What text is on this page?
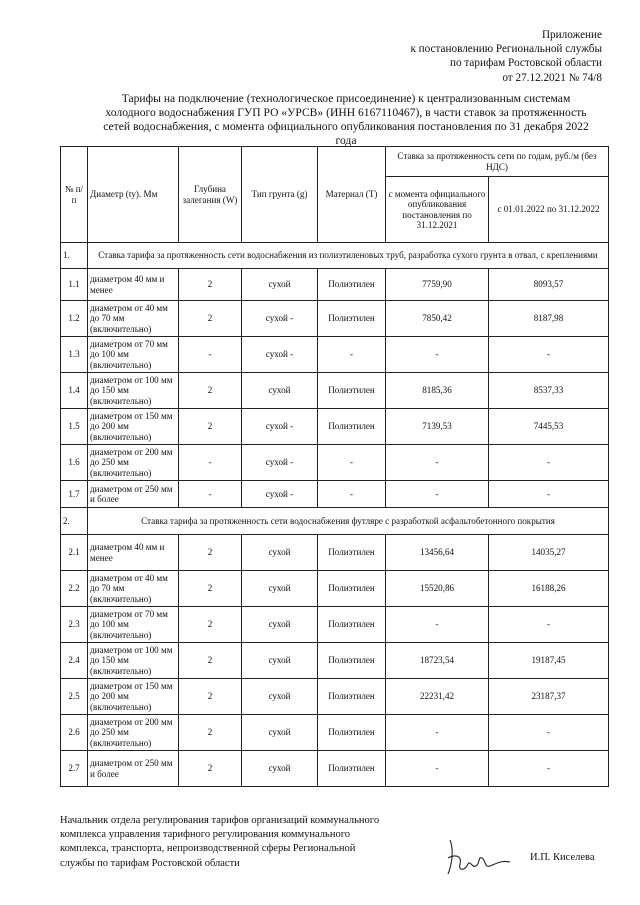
Приложение
к постановлению Региональной службы
по тарифам Ростовской области
от 27.12.2021 № 74/8
Тарифы на подключение (технологическое присоединение) к централизованным системам
холодного водоснабжения ГУП РО «УРСВ» (ИНН 6167110467), в части ставок за протяженность
сетей водоснабжения, с момента официального опубликования постановления по 31 декабря 2022
года
№ п/ п	Диаметр (ty). Мм	Глубина залегания (W)	Тип грунта (g)	Материал (Т)	Ставка за протяженность сети по годам, руб./м (без НДС)	
					с момента официального опубликования постановления по 31.12.2021	с 01.01.2022 по 31.12.2022
1.	Ставка тарифа за протяженность сети водоснабжения из полиэтиленовых труб, разработка сухого грунта в отвал, с креплениями					
1.1	диаметром 40 мм и менее	2	сухой	Полиэтилен	7759,90	8093,57
1.2	диаметром от 40 мм до 70 мм (включительно)	2	сухой -	Полиэтилен	7850,42	8187,98
1.3	диаметром от 70 мм до 100 мм (включительно)	-	сухой -	-	-	-
1.4	диаметром от 100 мм до 150 мм (включительно)	2	сухой	Полиэтилен	8185,36	8537,33
1.5	диаметром от 150 мм до 200 мм (включительно)	2	сухой -	Полиэтилен	7139,53	7445,53
1.6	диаметром от 200 мм до 250 мм (включительно)	-	сухой -	-	-	-
1.7	диаметром от 250 мм и более	-	сухой -	-	-	-
2.	Ставка тарифа за протяженность сети водоснабжения футляре с разработкой асфальтобетонного покрытия					
2.1	диаметром 40 мм и менее	2	сухой	Полиэтилен	13456,64	14035,27
2.2	диаметром от 40 мм до 70 мм (включительно)	2	сухой	Полиэтилен	15520,86	16188,26
2.3	диаметром от 70 мм до 100 мм (включительно)	2	сухой	Полиэтилен	-	-
2.4	диаметром от 100 мм до 150 мм (включительно)	2	сухой	Полиэтилен	18723,54	19187,45
2.5	диаметром от 150 мм до 200 мм (включительно)	2	сухой	Полиэтилен	22231,42	23187,37
2.6	диаметром от 200 мм до 250 мм (включительно)	2	сухой	Полиэтилен	-	-
2.7	диаметром от 250 мм и более	2	сухой	Полиэтилен	-	-
Начальник отдела регулирования тарифов организаций коммунального
комплекса управления тарифного регулирования коммунального
комплекса, транспорта, непроизводственной сферы Региональной
службы по тарифам Ростовской области
И.П. Киселева
